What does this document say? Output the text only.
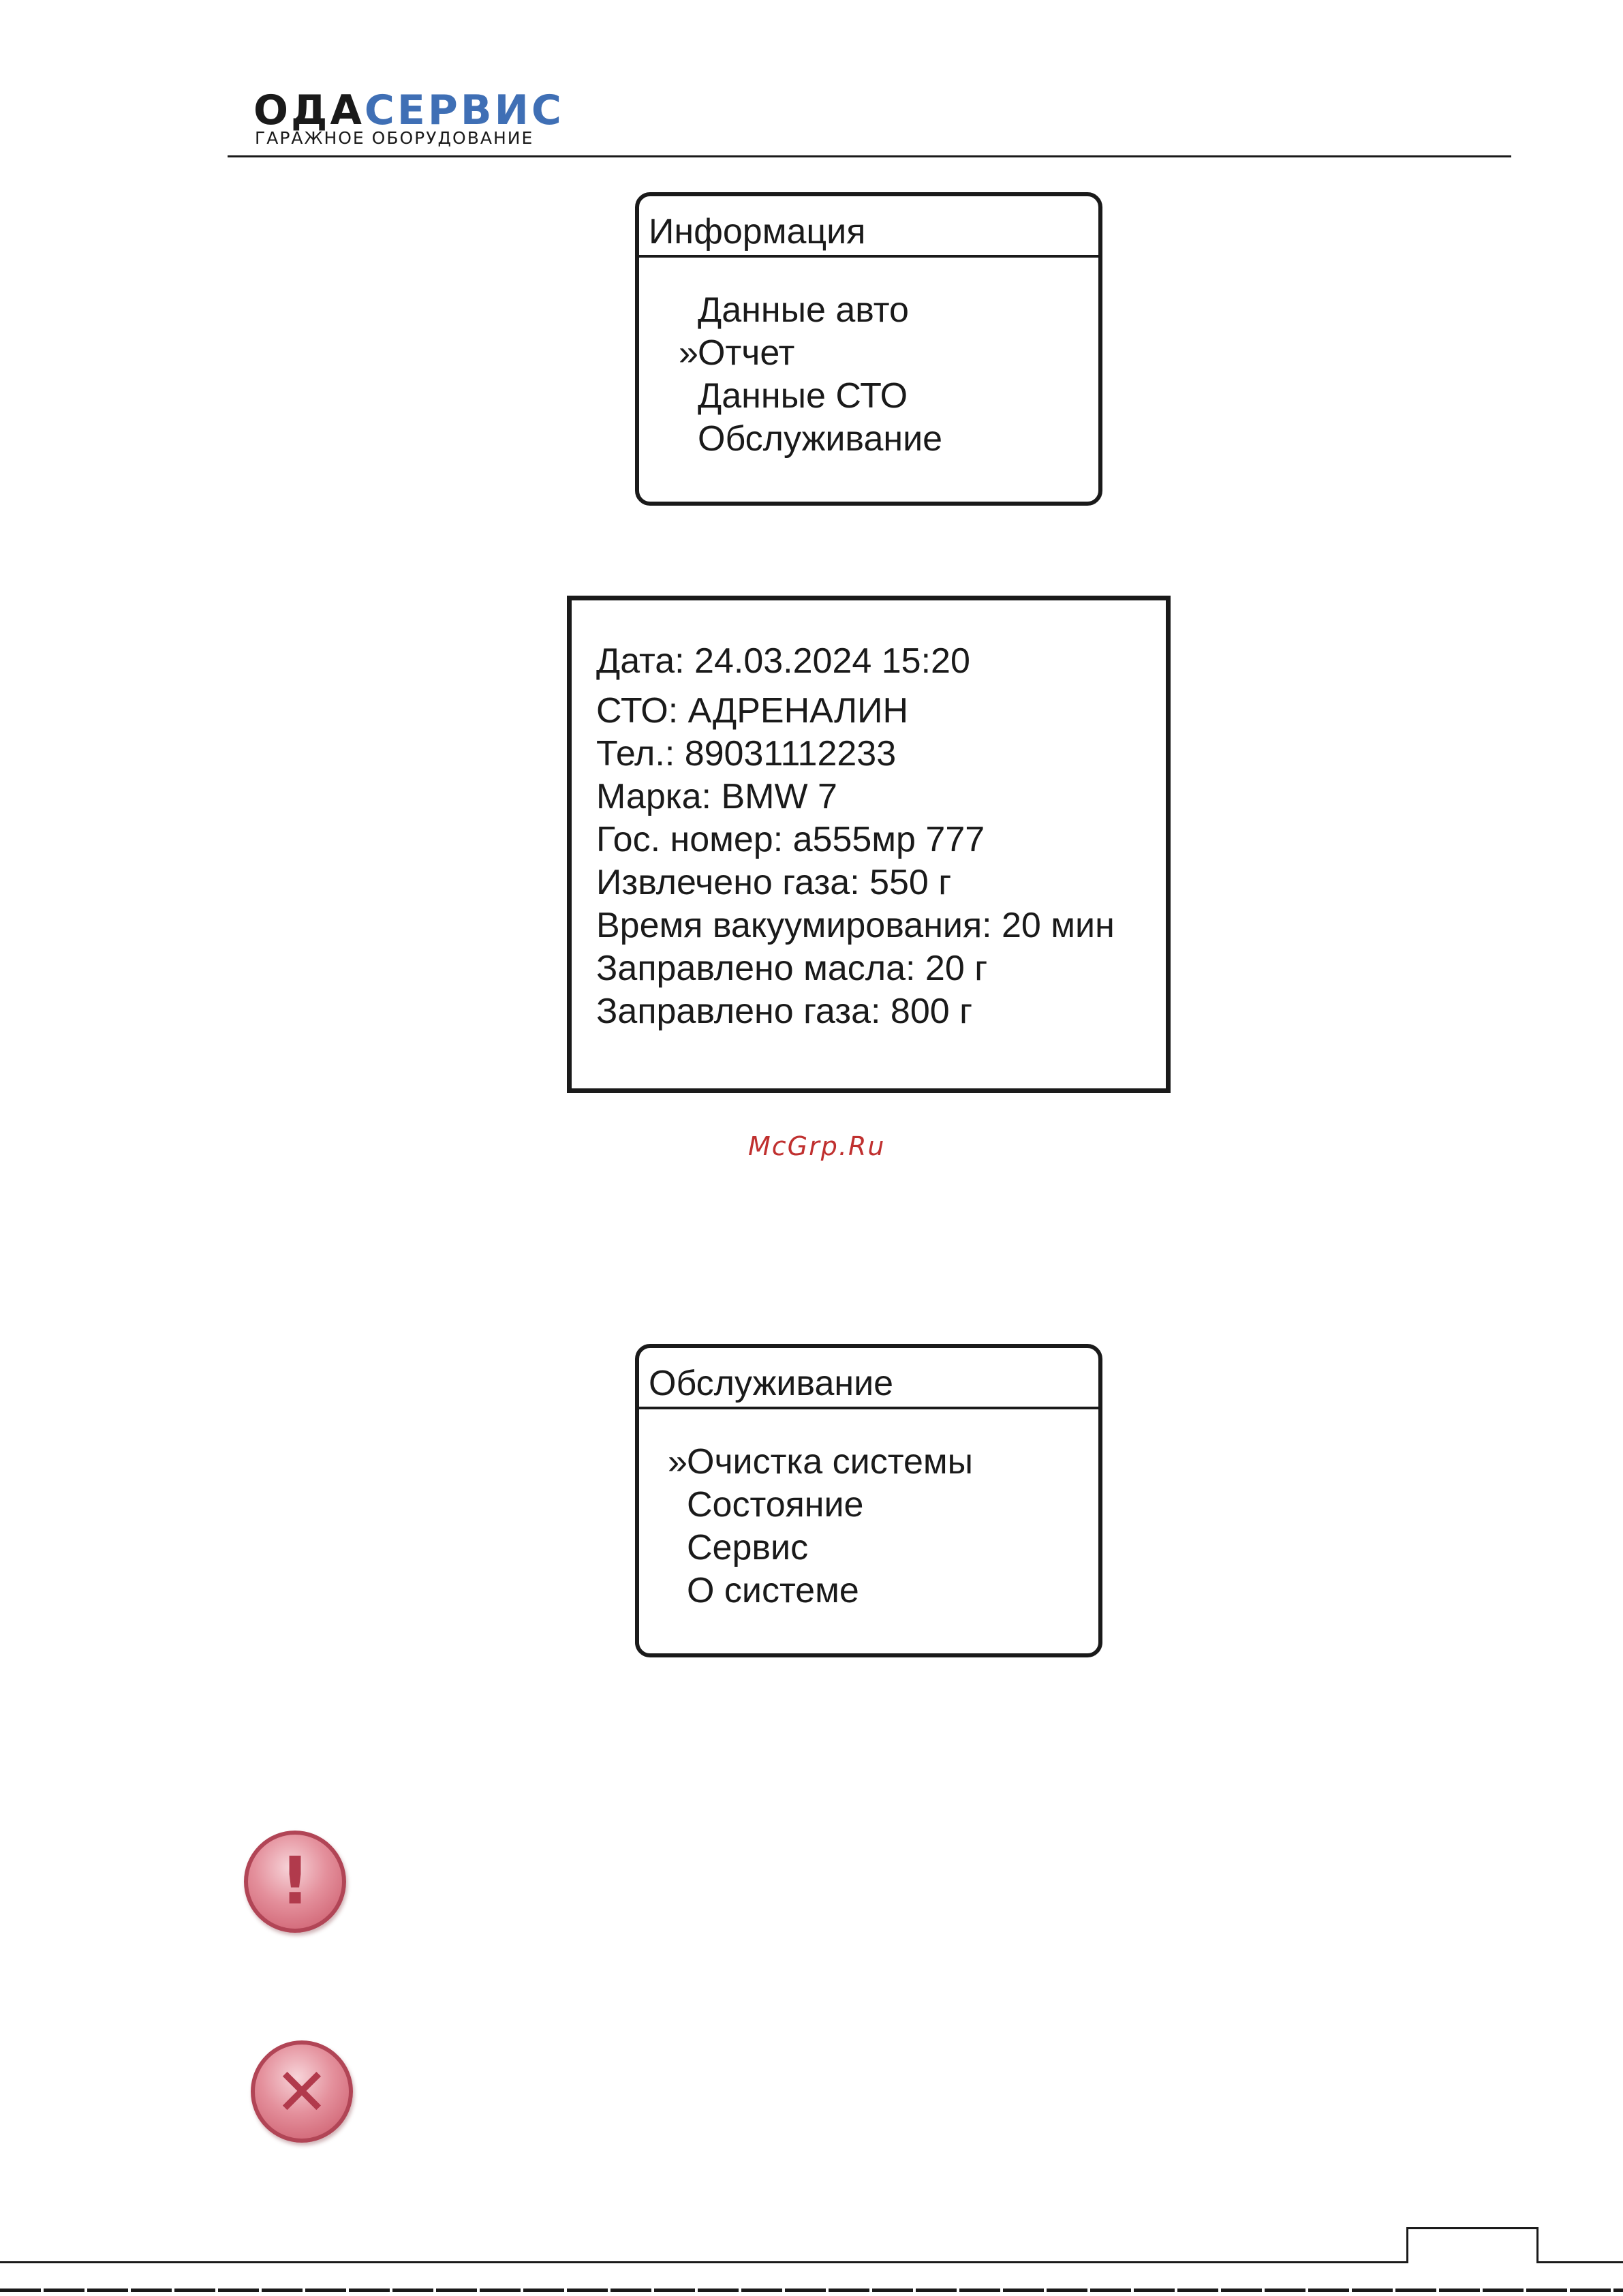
ОДАСЕРВИС
ГАРАЖНОЕ ОБОРУДОВАНИЕ
Информация
Данные авто
» Отчет
Данные СТО
Обслуживание
Дата: 24.03.2024 15:20
СТО: АДРЕНАЛИН
Тел.: 89031112233
Марка: BMW 7
Гос. номер: а555мр 777
Извлечено газа: 550 г
Время вакуумирования: 20 мин
Заправлено масла: 20 г
Заправлено газа: 800 г
McGrp.Ru
Обслуживание
» Очистка системы
Состояние
Сервис
О системе
!
✕
